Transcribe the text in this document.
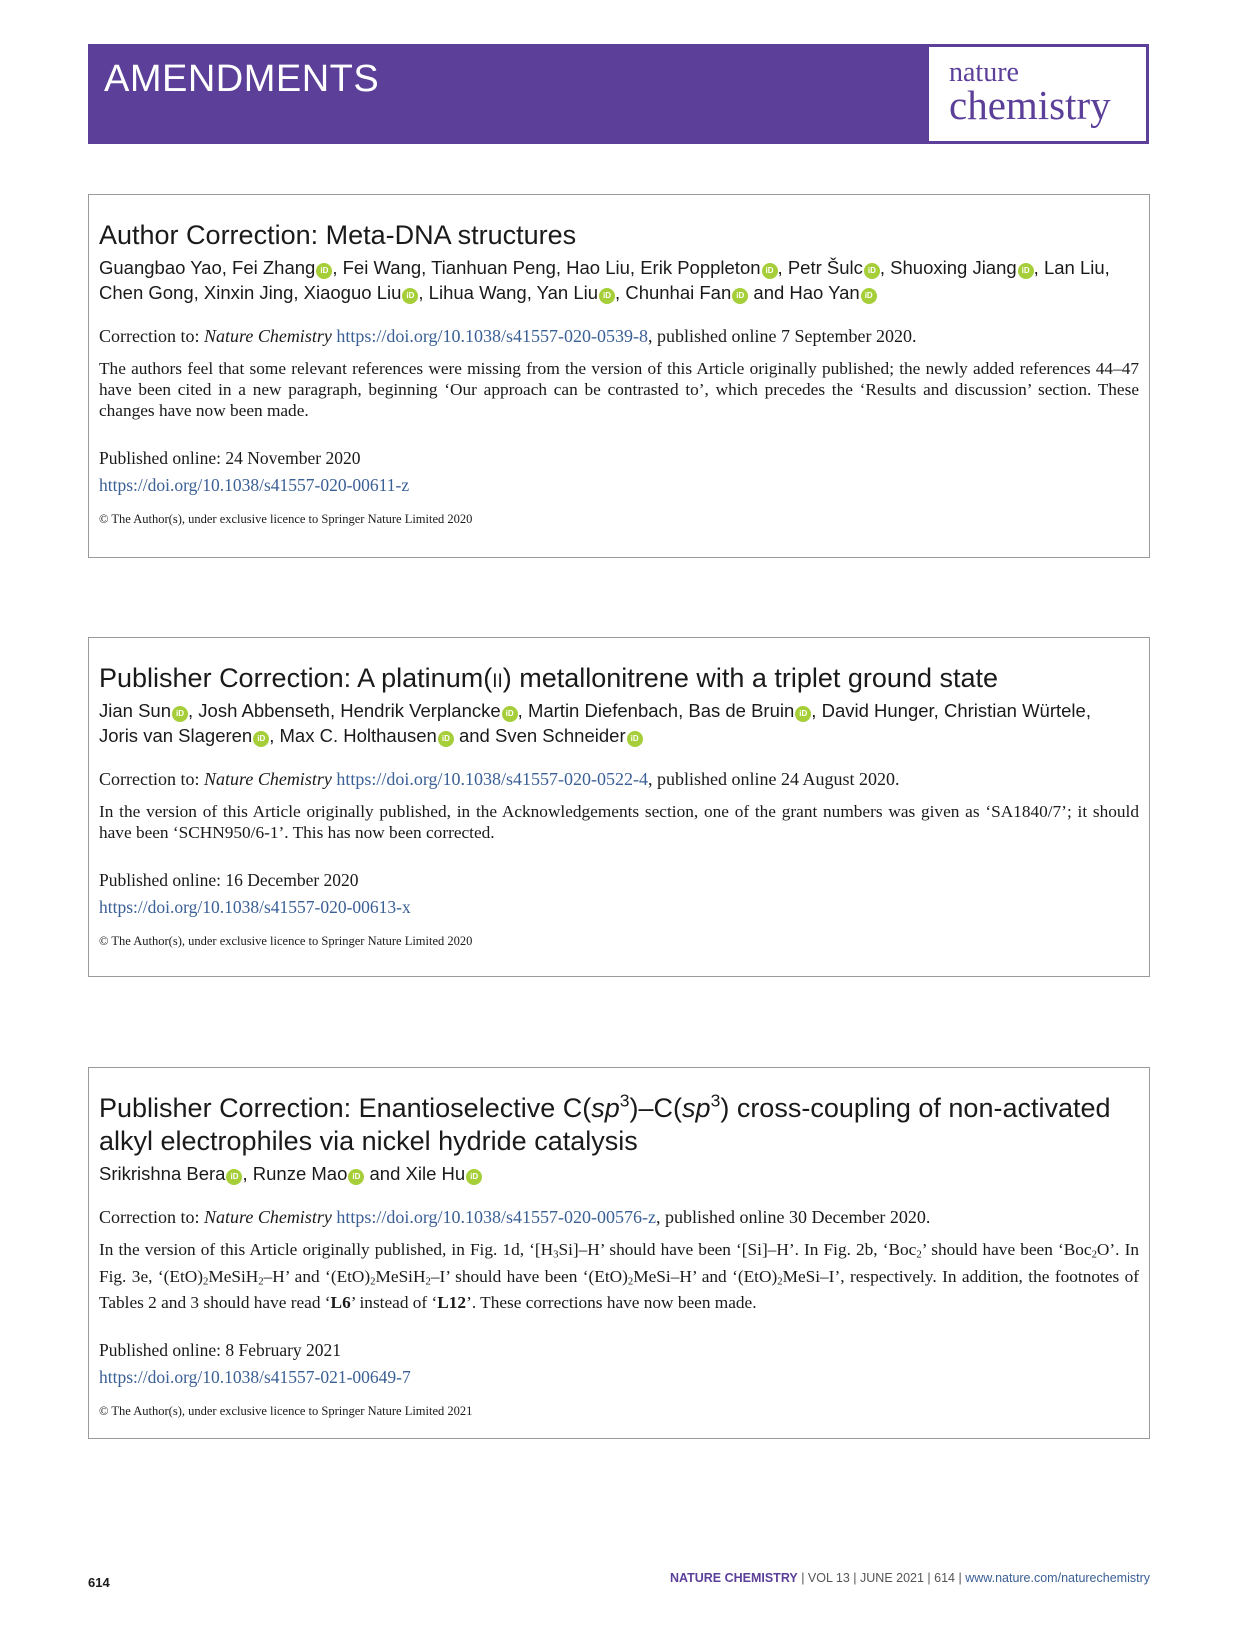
AMENDMENTS	nature
chemistry
Author Correction: Meta-DNA structures
Guangbao Yao, Fei Zhang iD , Fei Wang, Tianhuan Peng, Hao Liu, Erik Poppleton iD , Petr Šulc iD , Shuoxing Jiang iD , Lan Liu,
Chen Gong, Xinxin Jing, Xiaoguo Liu iD , Lihua Wang, Yan Liu iD , Chunhai Fan iD and Hao Yan iD
Correction to: Nature Chemistry https://doi.org/10.1038/s41557-020-0539-8, published online 7 September 2020.
The authors feel that some relevant references were missing from the version of this Article originally published; the newly added references 44–47 have been cited in a new paragraph, beginning ‘Our approach can be contrasted to’, which precedes the ‘Results and discussion’ section. These changes have now been made.
Published online: 24 November 2020
https://doi.org/10.1038/s41557-020-00611-z
© The Author(s), under exclusive licence to Springer Nature Limited 2020
Publisher Correction: A platinum(ii) metallonitrene with a triplet ground state
Jian Sun iD , Josh Abbenseth, Hendrik Verplancke iD , Martin Diefenbach, Bas de Bruin iD , David Hunger, Christian Würtele,
Joris van Slageren iD , Max C. Holthausen iD and Sven Schneider iD
Correction to: Nature Chemistry https://doi.org/10.1038/s41557-020-0522-4, published online 24 August 2020.
In the version of this Article originally published, in the Acknowledgements section, one of the grant numbers was given as ‘SA1840/7’; it should have been ‘SCHN950/6-1’. This has now been corrected.
Published online: 16 December 2020
https://doi.org/10.1038/s41557-020-00613-x
© The Author(s), under exclusive licence to Springer Nature Limited 2020
Publisher Correction: Enantioselective $C(sp^3)-C(sp^3)$ cross-coupling of non-activated alkyl electrophiles via nickel hydride catalysis
Srikrishna Bera iD , Runze Mao iD and Xile Hu iD
Correction to: Nature Chemistry https://doi.org/10.1038/s41557-020-00576-z, published online 30 December 2020.
In the version of this Article originally published, in Fig. 1d, ‘$[H_3Si]-H$’ should have been ‘[Si]–H’. In Fig. 2b, ‘Boc$_2$’ should have been ‘Boc$_2$O’. In Fig. 3e, ‘$(EtO)_2MeSiH_2-H$’ and ‘$(EtO)_2MeSiH_2-I$’ should have been ‘$(EtO)_2MeSi-H$’ and ‘$(EtO)_2MeSi-I$’, respectively. In addition, the footnotes of Tables 2 and 3 should have read ‘L6’ instead of ‘L12’. These corrections have now been made.
Published online: 8 February 2021
https://doi.org/10.1038/s41557-021-00649-7
© The Author(s), under exclusive licence to Springer Nature Limited 2021
614	NATURE CHEMISTRY | VOL 13 | JUNE 2021 | 614 | www.nature.com/naturechemistry
